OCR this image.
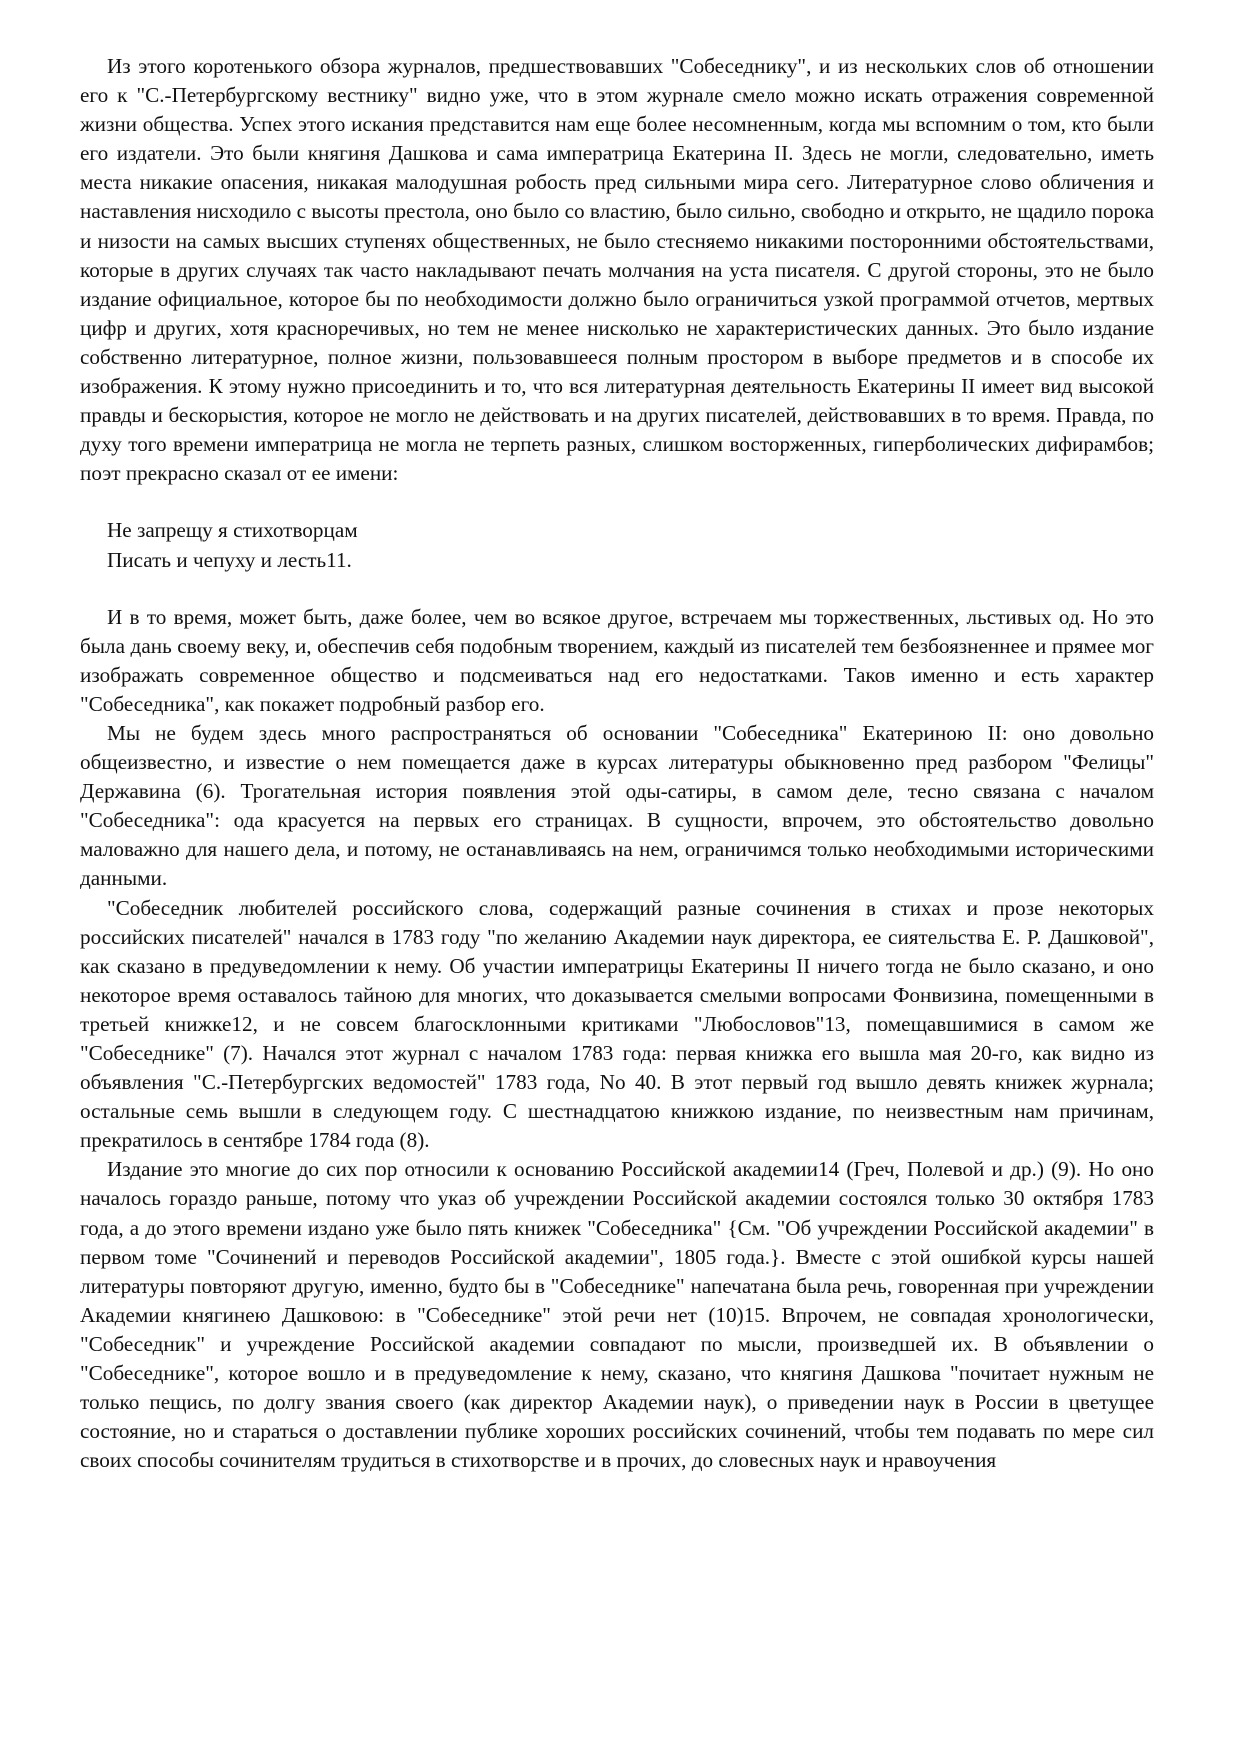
Из этого коротенького обзора журналов, предшествовавших "Собеседнику", и из нескольких слов об отношении его к "С.-Петербургскому вестнику" видно уже, что в этом журнале смело можно искать отражения современной жизни общества. Успех этого искания представится нам еще более несомненным, когда мы вспомним о том, кто были его издатели. Это были княгиня Дашкова и сама императрица Екатерина II. Здесь не могли, следовательно, иметь места никакие опасения, никакая малодушная робость пред сильными мира сего. Литературное слово обличения и наставления нисходило с высоты престола, оно было со властию, было сильно, свободно и открыто, не щадило порока и низости на самых высших ступенях общественных, не было стесняемо никакими посторонними обстоятельствами, которые в других случаях так часто накладывают печать молчания на уста писателя. С другой стороны, это не было издание официальное, которое бы по необходимости должно было ограничиться узкой программой отчетов, мертвых цифр и других, хотя красноречивых, но тем не менее нисколько не характеристических данных. Это было издание собственно литературное, полное жизни, пользовавшееся полным простором в выборе предметов и в способе их изображения. К этому нужно присоединить и то, что вся литературная деятельность Екатерины II имеет вид высокой правды и бескорыстия, которое не могло не действовать и на других писателей, действовавших в то время. Правда, по духу того времени императрица не могла не терпеть разных, слишком восторженных, гиперболических дифирамбов; поэт прекрасно сказал от ее имени:

Не запрещу я стихотворцам
Писать и чепуху и лесть11.

И в то время, может быть, даже более, чем во всякое другое, встречаем мы торжественных, льстивых од. Но это была дань своему веку, и, обеспечив себя подобным творением, каждый из писателей тем безбоязненнее и прямее мог изображать современное общество и подсмеиваться над его недостатками. Таков именно и есть характер "Собеседника", как покажет подробный разбор его.

Мы не будем здесь много распространяться об основании "Собеседника" Екатериною II: оно довольно общеизвестно, и известие о нем помещается даже в курсах литературы обыкновенно пред разбором "Фелицы" Державина (6). Трогательная история появления этой оды-сатиры, в самом деле, тесно связана с началом "Собеседника": ода красуется на первых его страницах. В сущности, впрочем, это обстоятельство довольно маловажно для нашего дела, и потому, не останавливаясь на нем, ограничимся только необходимыми историческими данными.

"Собеседник любителей российского слова, содержащий разные сочинения в стихах и прозе некоторых российских писателей" начался в 1783 году "по желанию Академии наук директора, ее сиятельства Е. Р. Дашковой", как сказано в предуведомлении к нему. Об участии императрицы Екатерины II ничего тогда не было сказано, и оно некоторое время оставалось тайною для многих, что доказывается смелыми вопросами Фонвизина, помещенными в третьей книжке12, и не совсем благосклонными критиками "Любословов"13, помещавшимися в самом же "Собеседнике" (7). Начался этот журнал с началом 1783 года: первая книжка его вышла мая 20-го, как видно из объявления "С.-Петербургских ведомостей" 1783 года, No 40. В этот первый год вышло девять книжек журнала; остальные семь вышли в следующем году. С шестнадцатою книжкою издание, по неизвестным нам причинам, прекратилось в сентябре 1784 года (8).

Издание это многие до сих пор относили к основанию Российской академии14 (Греч, Полевой и др.) (9). Но оно началось гораздо раньше, потому что указ об учреждении Российской академии состоялся только 30 октября 1783 года, а до этого времени издано уже было пять книжек "Собеседника" {См. "Об учреждении Российской академии" в первом томе "Сочинений и переводов Российской академии", 1805 года.}. Вместе с этой ошибкой курсы нашей литературы повторяют другую, именно, будто бы в "Собеседнике" напечатана была речь, говоренная при учреждении Академии княгинею Дашковою: в "Собеседнике" этой речи нет (10)15. Впрочем, не совпадая хронологически, "Собеседник" и учреждение Российской академии совпадают по мысли, произведшей их. В объявлении о "Собеседнике", которое вошло и в предуведомление к нему, сказано, что княгиня Дашкова "почитает нужным не только пещись, по долгу звания своего (как директор Академии наук), о приведении наук в России в цветущее состояние, но и стараться о доставлении публике хороших российских сочинений, чтобы тем подавать по мере сил своих способы сочинителям трудиться в стихотворстве и в прочих, до словесных наук и нравоучения
